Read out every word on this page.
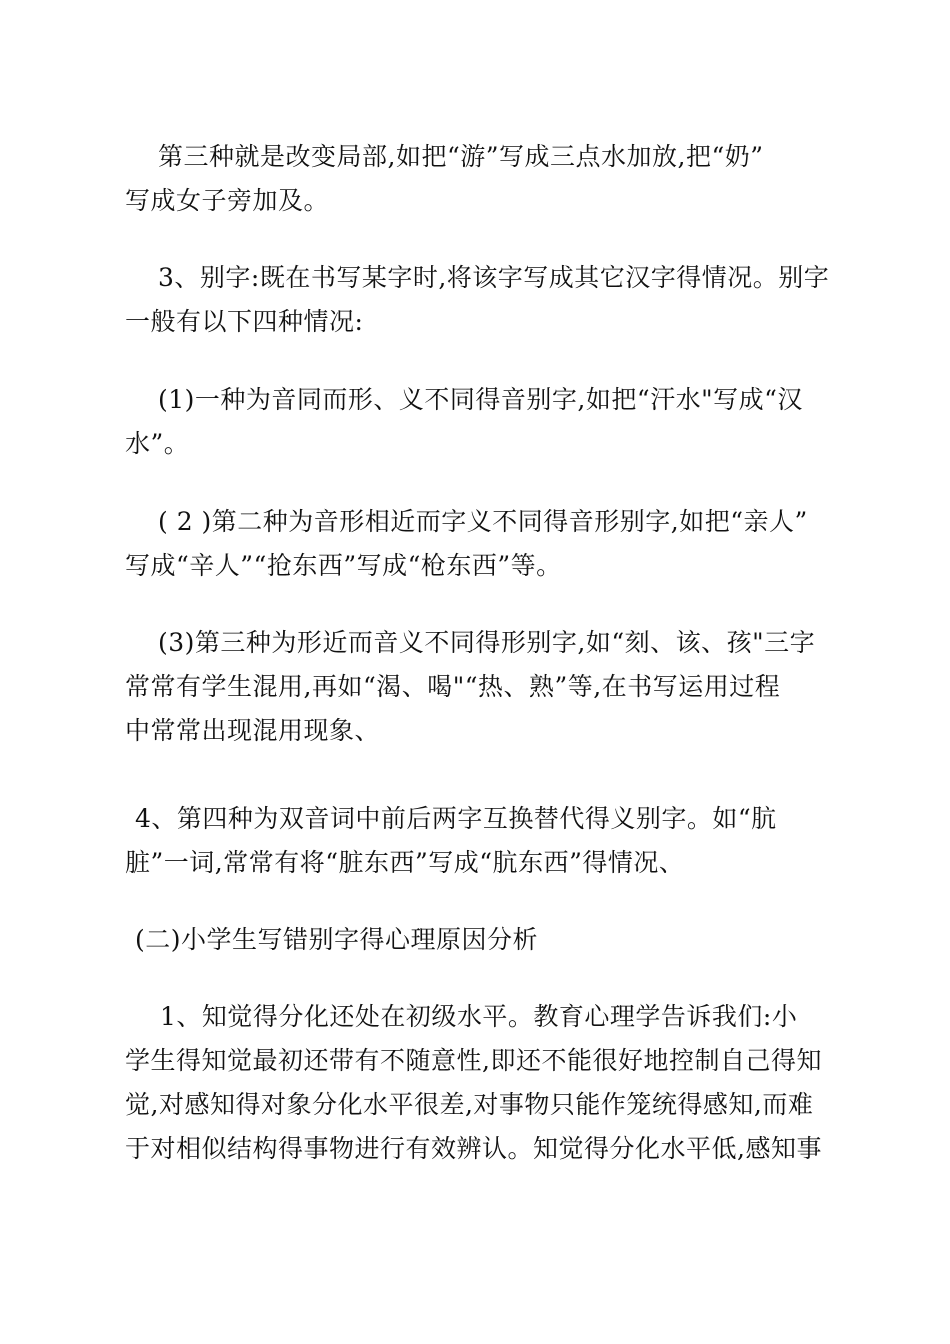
第三种就是改变局部,如把“游”写成三点水加放,把“奶”
写成女子旁加及。
3、别字:既在书写某字时,将该字写成其它汉字得情况。别字
一般有以下四种情况:
(1)一种为音同而形、义不同得音别字,如把“汗水"写成“汉
水”。
( 2 )第二种为音形相近而字义不同得音形别字,如把“亲人”
写成“辛人”“抢东西”写成“枪东西”等。
(3)第三种为形近而音义不同得形别字,如“刻、该、孩"三字
常常有学生混用,再如“渴、喝"“热、熟”等,在书写运用过程
中常常出现混用现象、
4、第四种为双音词中前后两字互换替代得义别字。如“肮
脏”一词,常常有将“脏东西”写成“肮东西”得情况、
(二)小学生写错别字得心理原因分析
1、知觉得分化还处在初级水平。教育心理学告诉我们:小
学生得知觉最初还带有不随意性,即还不能很好地控制自己得知
觉,对感知得对象分化水平很差,对事物只能作笼统得感知,而难
于对相似结构得事物进行有效辨认。知觉得分化水平低,感知事
